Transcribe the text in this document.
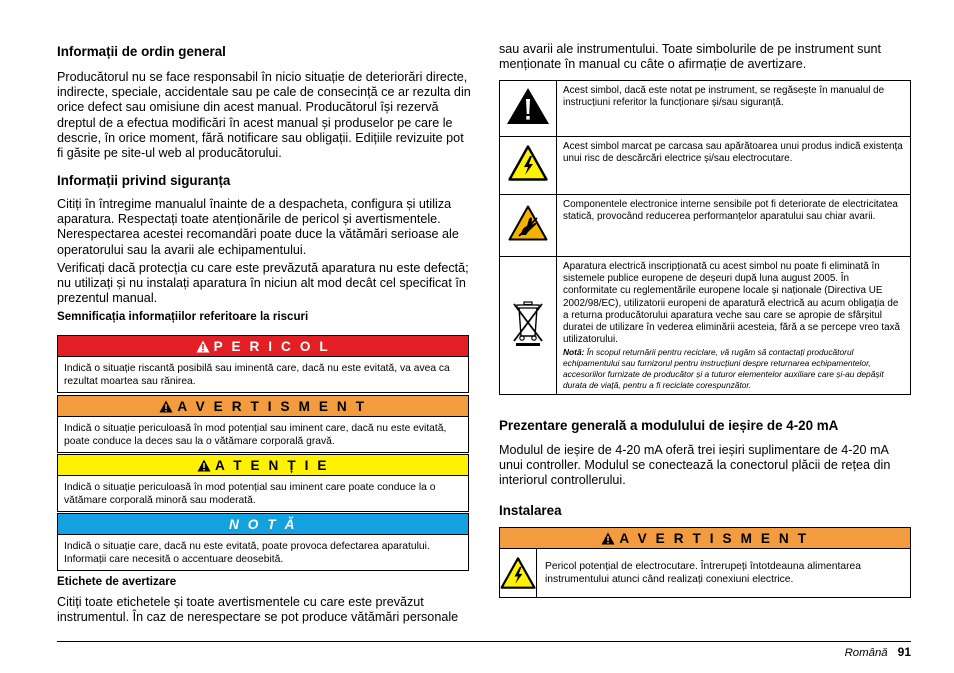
Informații de ordin general

Producătorul nu se face responsabil în nicio situație de deteriorări directe, indirecte, speciale, accidentale sau pe cale de consecință ce ar rezulta din orice defect sau omisiune din acest manual. Producătorul își rezervă dreptul de a efectua modificări în acest manual și produselor pe care le descrie, în orice moment, fără notificare sau obligații. Edițiile revizuite pot fi găsite pe site-ul web al producătorului.

Informații privind siguranța

Citiți în întregime manualul înainte de a despacheta, configura și utiliza aparatura. Respectați toate atenționările de pericol și avertismentele. Nerespectarea acestei recomandări poate duce la vătămări serioase ale operatorului sau la avarii ale echipamentului.

Verificați dacă protecția cu care este prevăzută aparatura nu este defectă; nu utilizați și nu instalați aparatura în niciun alt mod decât cel specificat în prezentul manual.

Semnificația informațiilor referitoare la riscuri
P E R I C O L
Indică o situație riscantă posibilă sau iminentă care, dacă nu este evitată, va avea ca rezultat moartea sau rănirea.
A V E R T I S M E N T
Indică o situație periculoasă în mod potențial sau iminent care, dacă nu este evitată, poate conduce la deces sau la o vătămare corporală gravă.
A T E N Ț I E
Indică o situație periculoasă în mod potențial sau iminent care poate conduce la o vătămare corporală minoră sau moderată.
N O T Ă
Indică o situație care, dacă nu este evitată, poate provoca defectarea aparatului. Informații care necesită o accentuare deosebită.
Etichete de avertizare

Citiți toate etichetele și toate avertismentele cu care este prevăzut instrumentul. În caz de nerespectare se pot produce vătămări personale

sau avarii ale instrumentului. Toate simbolurile de pe instrument sunt menționate în manual cu câte o afirmație de avertizare.

	Acest simbol, dacă este notat pe instrument, se regăsește în manualul de instrucțiuni referitor la funcționare și/sau siguranță.
	Acest simbol marcat pe carcasa sau apărătoarea unui produs indică existența unui risc de descărcări electrice și/sau electrocutare.
	Componentele electronice interne sensibile pot fi deteriorate de electricitatea statică, provocând reducerea performanțelor aparatului sau chiar avarii.
	Aparatura electrică inscripționată cu acest simbol nu poate fi eliminată în sistemele publice europene de deșeuri după luna august 2005. În conformitate cu reglementările europene locale și naționale (Directiva UE 2002/98/EC), utilizatorii europeni de aparatură electrică au acum obligația de a returna producătorului aparatura veche sau care se apropie de sfârșitul duratei de utilizare în vederea eliminării acesteia, fără a se percepe vreo taxă utilizatorului.
Notă: În scopul returnării pentru reciclare, vă rugăm să contactați producătorul echipamentului sau furnizorul pentru instrucțiuni despre returnarea echipamentelor, accesoriilor furnizate de producător și a tuturor elementelor auxiliare care și-au depășit durata de viață, pentru a fi reciclate corespunzător.
Prezentare generală a modulului de ieșire de 4-20 mA

Modulul de ieșire de 4-20 mA oferă trei ieșiri suplimentare de 4-20 mA unui controller. Modulul se conectează la conectorul plăcii de rețea din interiorul controllerului.

Instalarea
A V E R T I S M E N T
Pericol potențial de electrocutare. Întrerupeți întotdeauna alimentarea instrumentului atunci când realizați conexiuni electrice.
Română 91
